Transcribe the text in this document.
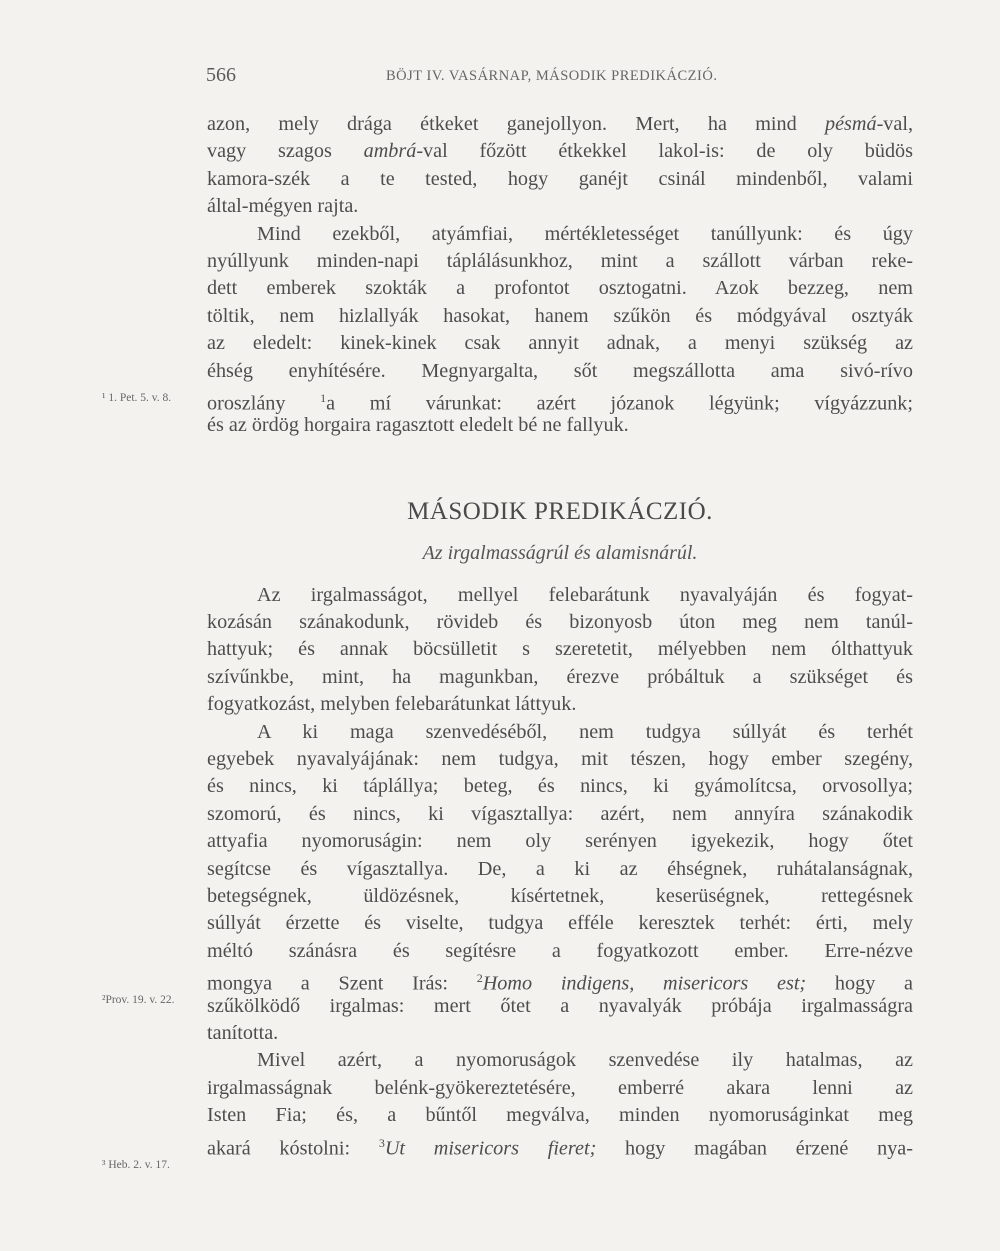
566	BÖJT IV. VASÁRNAP, MÁSODIK PREDIKÁCZIÓ.
¹ 1. Pet. 5. v. 8.
²Prov. 19. v. 22.
³ Heb. 2. v. 17.
azon, mely drága étkeket ganejollyon. Mert, ha mind pésmá-val,
vagy szagos ambrá-val főzött étkekkel lakol-is: de oly büdös
kamora-szék a te tested, hogy ganéjt csinál mindenből, valami
által-mégyen rajta.
Mind ezekből, atyámfiai, mértékletességet tanúllyunk: és úgy
nyúllyunk minden-napi táplálásunkhoz, mint a szállott várban reke-
dett emberek szokták a profontot osztogatni. Azok bezzeg, nem
töltik, nem hizlallyák hasokat, hanem szűkön és módgyával osztyák
az eledelt: kinek-kinek csak annyit adnak, a menyi szükség az
éhség enyhítésére. Megnyargalta, sőt megszállotta ama sivó-rívo
oroszlány $^1$a mí várunkat: azért józanok légyünk; vígyázzunk;
és az ördög horgaira ragasztott eledelt bé ne fallyuk.
MÁSODIK PREDIKÁCZIÓ.
Az irgalmasságrúl és alamisnárúl.
Az irgalmasságot, mellyel felebarátunk nyavalyáján és fogyat-
kozásán szánakodunk, rövideb és bizonyosb úton meg nem tanúl-
hattyuk; és annak böcsülletit s szeretetit, mélyebben nem ólthattyuk
szívűnkbe, mint, ha magunkban, érezve próbáltuk a szükséget és
fogyatkozást, melyben felebarátunkat láttyuk.
A ki maga szenvedéséből, nem tudgya súllyát és terhét
egyebek nyavalyájának: nem tudgya, mit tészen, hogy ember szegény,
és nincs, ki táplállya; beteg, és nincs, ki gyámolítcsa, orvosollya;
szomorú, és nincs, ki vígasztallya: azért, nem annyíra szánakodik
attyafia nyomoruságin: nem oly serényen igyekezik, hogy őtet
segítcse és vígasztallya. De, a ki az éhségnek, ruhátalanságnak,
betegségnek, üldözésnek, kísértetnek, keserüségnek, rettegésnek
súllyát érzette és viselte, tudgya efféle keresztek terhét: érti, mely
méltó szánásra és segítésre a fogyatkozott ember. Erre-nézve
mongya a Szent Irás: $^2$Homo indigens, misericors est; hogy a
szűkölködő irgalmas: mert őtet a nyavalyák próbája irgalmasságra
tanította.
Mivel azért, a nyomoruságok szenvedése ily hatalmas, az
irgalmasságnak belénk-gyökereztetésére, emberré akara lenni az
Isten Fia; és, a bűntől megválva, minden nyomoruságinkat meg
akará kóstolni: $^3$Ut misericors fieret; hogy magában érzené nya-
